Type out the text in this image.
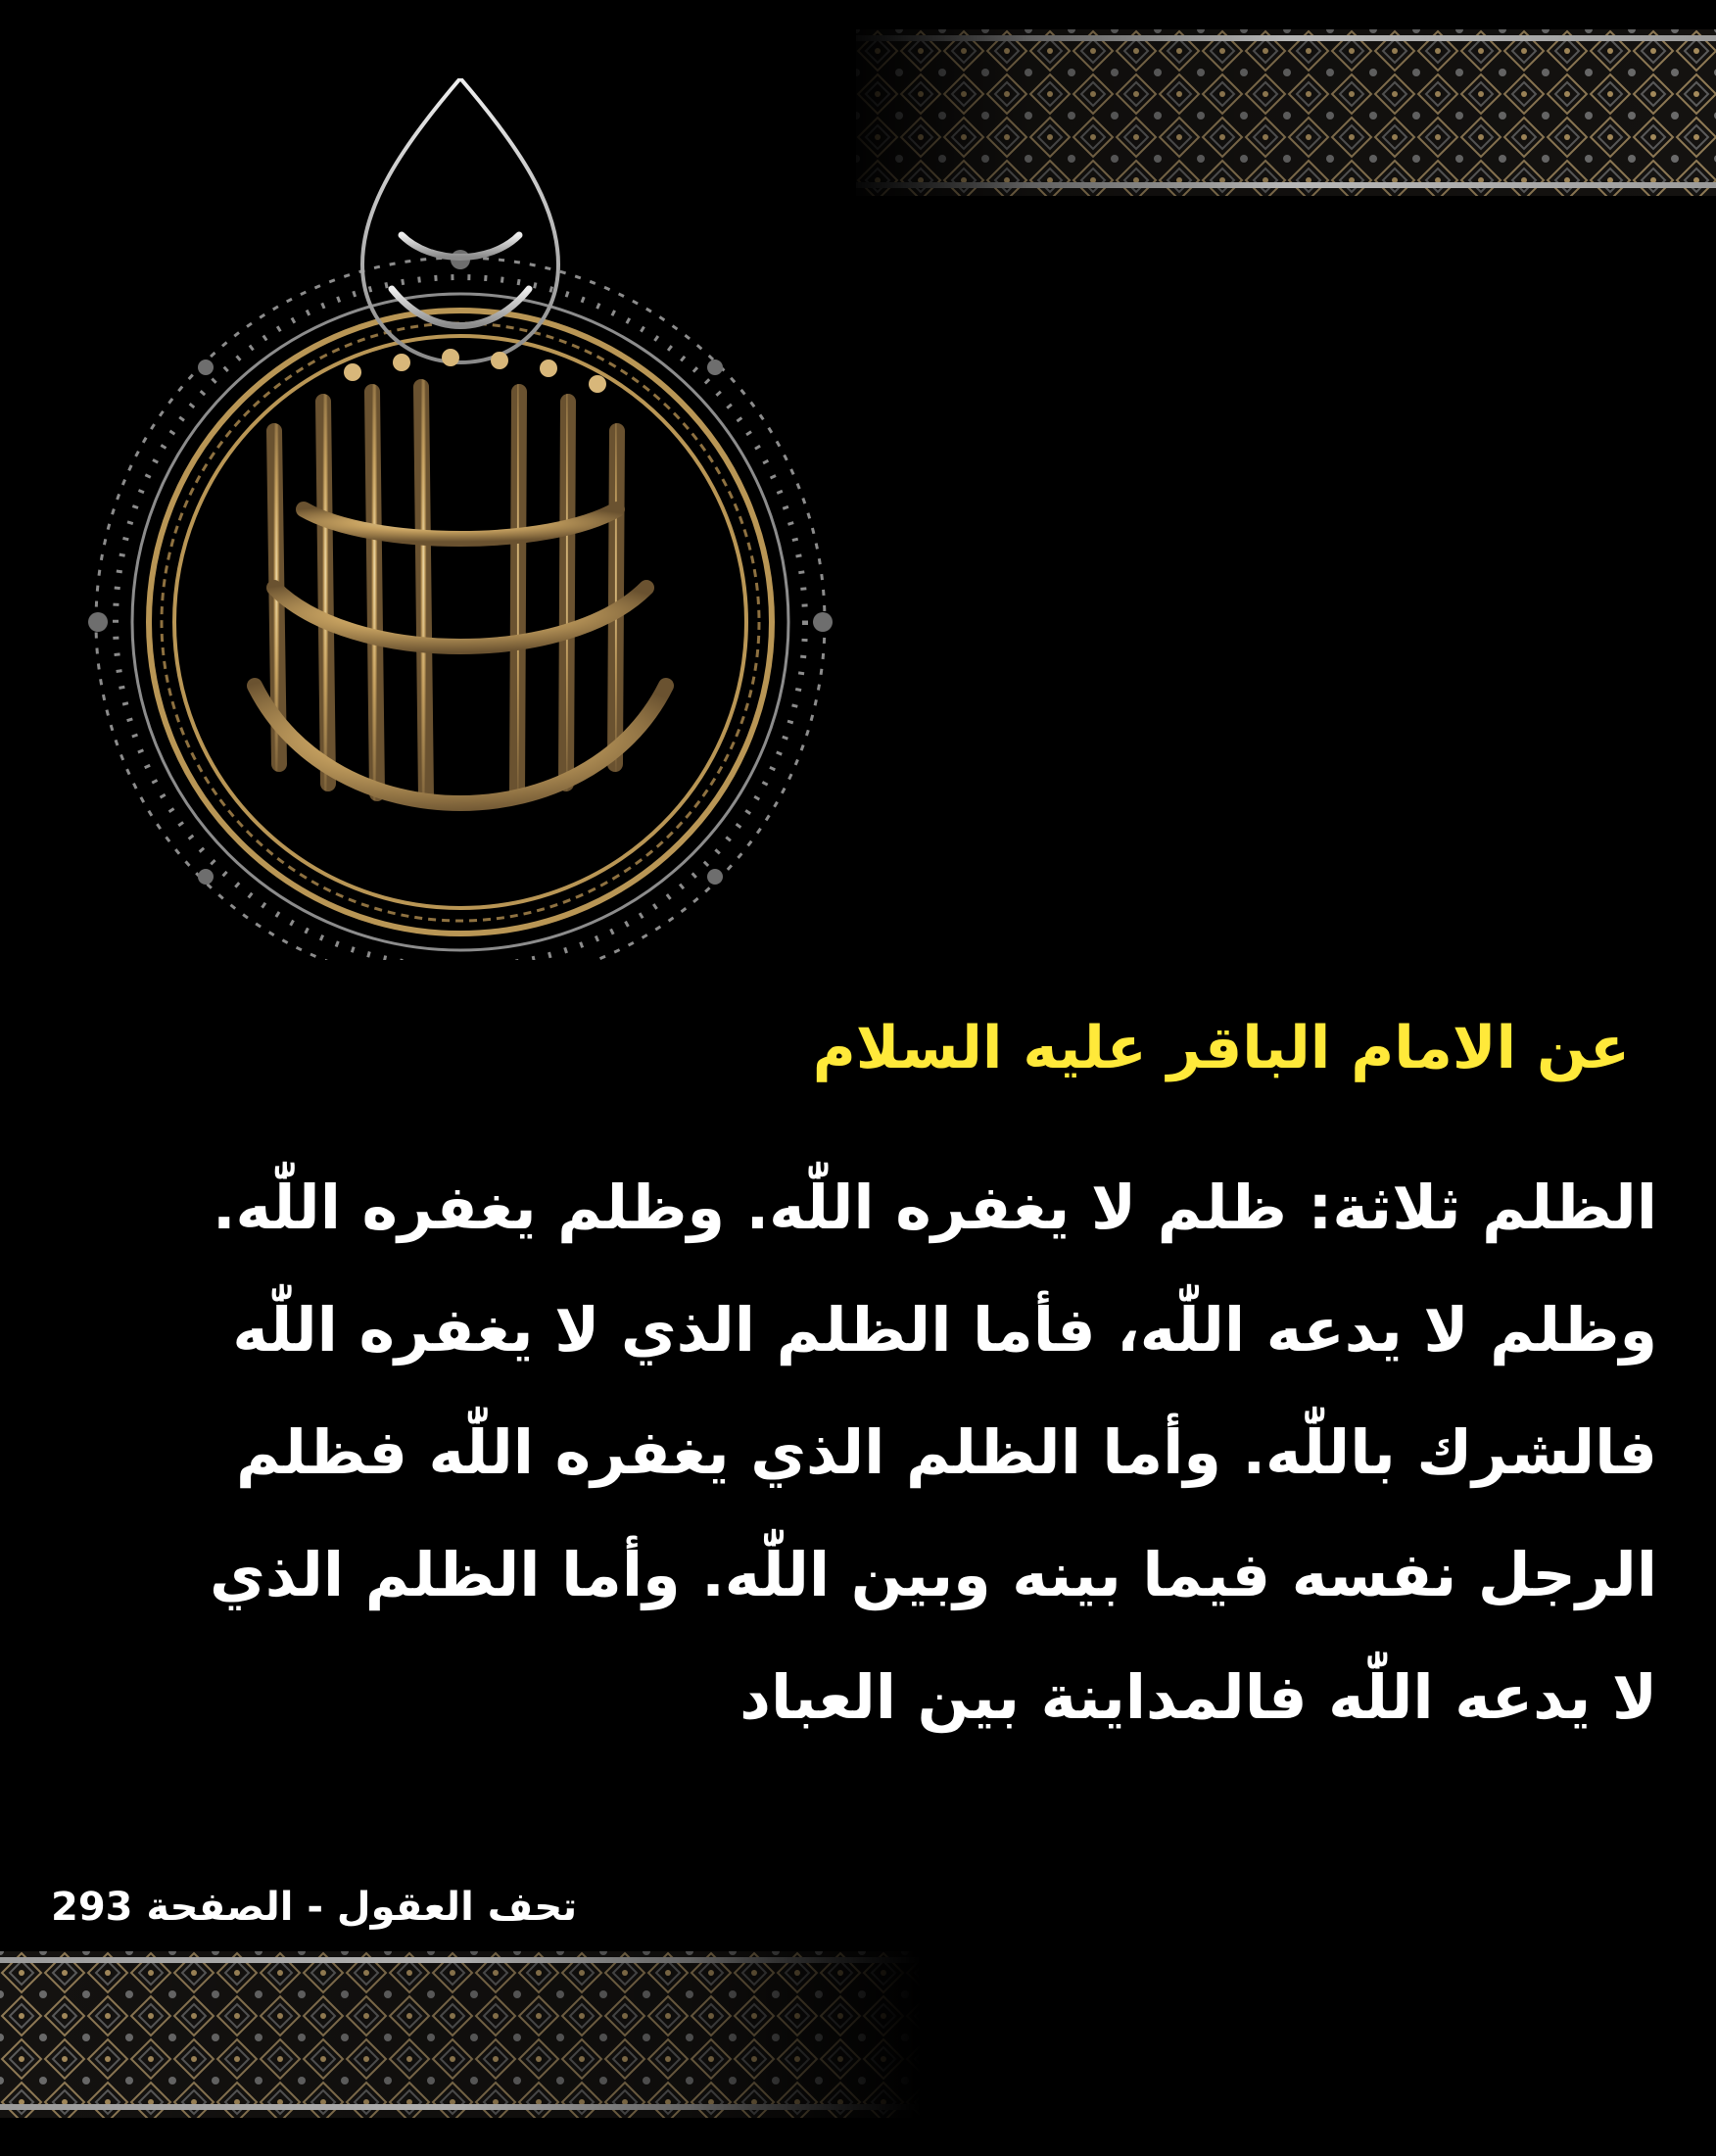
عن الامام الباقر عليه السلام
الظلم ثلاثة: ظلم لا يغفره اللّٰه. وظلم يغفره اللّٰه.
وظلم لا يدعه اللّٰه، فأما الظلم الذي لا يغفره اللّٰه
فالشرك باللّٰه. وأما الظلم الذي يغفره اللّٰه فظلم
الرجل نفسه فيما بينه وبين اللّٰه. وأما الظلم الذي
لا يدعه اللّٰه فالمداينة بين العباد
تحف العقول - الصفحة 293
